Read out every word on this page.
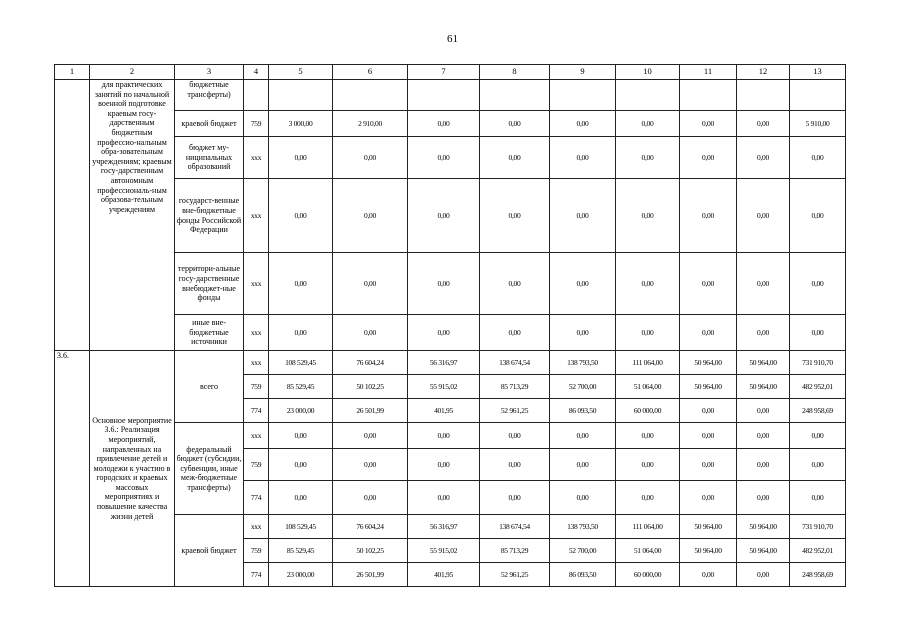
61
1	2	3	4	5	6	7	8	9	10	11	12	13
	для практических занятий по начальной военной подготовке краевым госу-дарственным бюджетным профессио-нальным обра-зовательным учреждениям; краевым госу-дарственным автономным профессиональ-ным образова-тельным учреждениям	бюджетные трансферты)										
		краевой бюджет	759	3 000,00	2 910,00	0,00	0,00	0,00	0,00	0,00	0,00	5 910,00
		бюджет му-ниципальных образований	ххх	0,00	0,00	0,00	0,00	0,00	0,00	0,00	0,00	0,00
		государст-венные вне-бюджетные фонды Российской Федерации	ххх	0,00	0,00	0,00	0,00	0,00	0,00	0,00	0,00	0,00
		территори-альные госу-дарственные внебюджет-ные фонды	ххх	0,00	0,00	0,00	0,00	0,00	0,00	0,00	0,00	0,00
		иные вне-бюджетные источники	ххх	0,00	0,00	0,00	0,00	0,00	0,00	0,00	0,00	0,00
3.6.	Основное мероприятие 3.6.: Реализация мероприятий, направленных на привлечение детей и молодежи к участию в городских и краевых массовых мероприятиях и повышение качества жизни детей	всего	ххх	108 529,45	76 604,24	56 316,97	138 674,54	138 793,50	111 064,00	50 964,00	50 964,00	731 910,70
			759	85 529,45	50 102,25	55 915,02	85 713,29	52 700,00	51 064,00	50 964,00	50 964,00	482 952,01
			774	23 000,00	26 501,99	401,95	52 961,25	86 093,50	60 000,00	0,00	0,00	248 958,69
		федеральный бюджет (субсидии, субвенции, иные меж-бюджетные трансферты)	ххх	0,00	0,00	0,00	0,00	0,00	0,00	0,00	0,00	0,00
			759	0,00	0,00	0,00	0,00	0,00	0,00	0,00	0,00	0,00
			774	0,00	0,00	0,00	0,00	0,00	0,00	0,00	0,00	0,00
		краевой бюджет	ххх	108 529,45	76 604,24	56 316,97	138 674,54	138 793,50	111 064,00	50 964,00	50 964,00	731 910,70
			759	85 529,45	50 102,25	55 915,02	85 713,29	52 700,00	51 064,00	50 964,00	50 964,00	482 952,01
			774	23 000,00	26 501,99	401,95	52 961,25	86 093,50	60 000,00	0,00	0,00	248 958,69
